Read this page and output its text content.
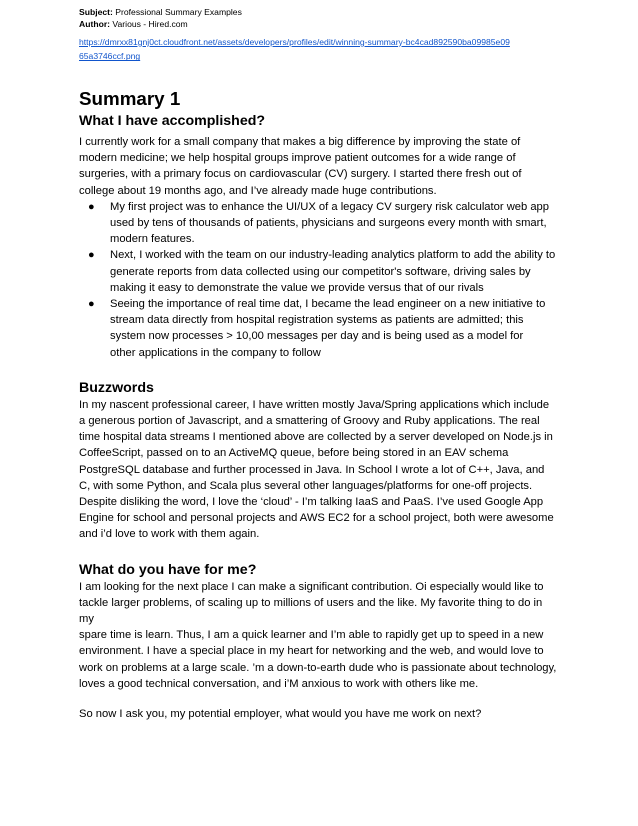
Subject: Professional Summary Examples
Author: Various - Hired.com
https://dmrxx81gnj0ct.cloudfront.net/assets/developers/profiles/edit/winning-summary-bc4cad892590ba09985e09
65a3746ccf.png
Summary 1
What I have accomplished?
I currently work for a small company that makes a big difference by improving the state of
modern medicine; we help hospital groups improve patient outcomes for a wide range of
surgeries, with a primary focus on cardiovascular (CV) surgery. I started there fresh out of
college about 19 months ago, and I’ve already made huge contributions.
● My first project was to enhance the UI/UX of a legacy CV surgery risk calculator web app
used by tens of thousands of patients, physicians and surgeons every month with smart,
modern features.
● Next, I worked with the team on our industry-leading analytics platform to add the ability to
generate reports from data collected using our competitor's software, driving sales by
making it easy to demonstrate the value we provide versus that of our rivals
● Seeing the importance of real time dat, I became the lead engineer on a new initiative to
stream data directly from hospital registration systems as patients are admitted; this
system now processes > 10,00 messages per day and is being used as a model for
other applications in the company to follow
Buzzwords
In my nascent professional career, I have written mostly Java/Spring applications which include
a generous portion of Javascript, and a smattering of Groovy and Ruby applications. The real
time hospital data streams I mentioned above are collected by a server developed on Node.js in
CoffeeScript, passed on to an ActiveMQ queue, before being stored in an EAV schema
PostgreSQL database and further processed in Java. In School I wrote a lot of C++, Java, and
C, with some Python, and Scala plus several other languages/platforms for one-off projects.
Despite disliking the word, I love the ‘cloud’ - I’m talking IaaS and PaaS. I’ve used Google App
Engine for school and personal projects and AWS EC2 for a school project, both were awesome
and i’d love to work with them again.
What do you have for me?
I am looking for the next place I can make a significant contribution. Oi especially would like to
tackle larger problems, of scaling up to millions of users and the like. My favorite thing to do in my
spare time is learn. Thus, I am a quick learner and I’m able to rapidly get up to speed in a new
environment. I have a special place in my heart for networking and the web, and would love to
work on problems at a large scale. ’m a down-to-earth dude who is passionate about technology,
loves a good technical conversation, and i’M anxious to work with others like me.
So now I ask you, my potential employer, what would you have me work on next?
